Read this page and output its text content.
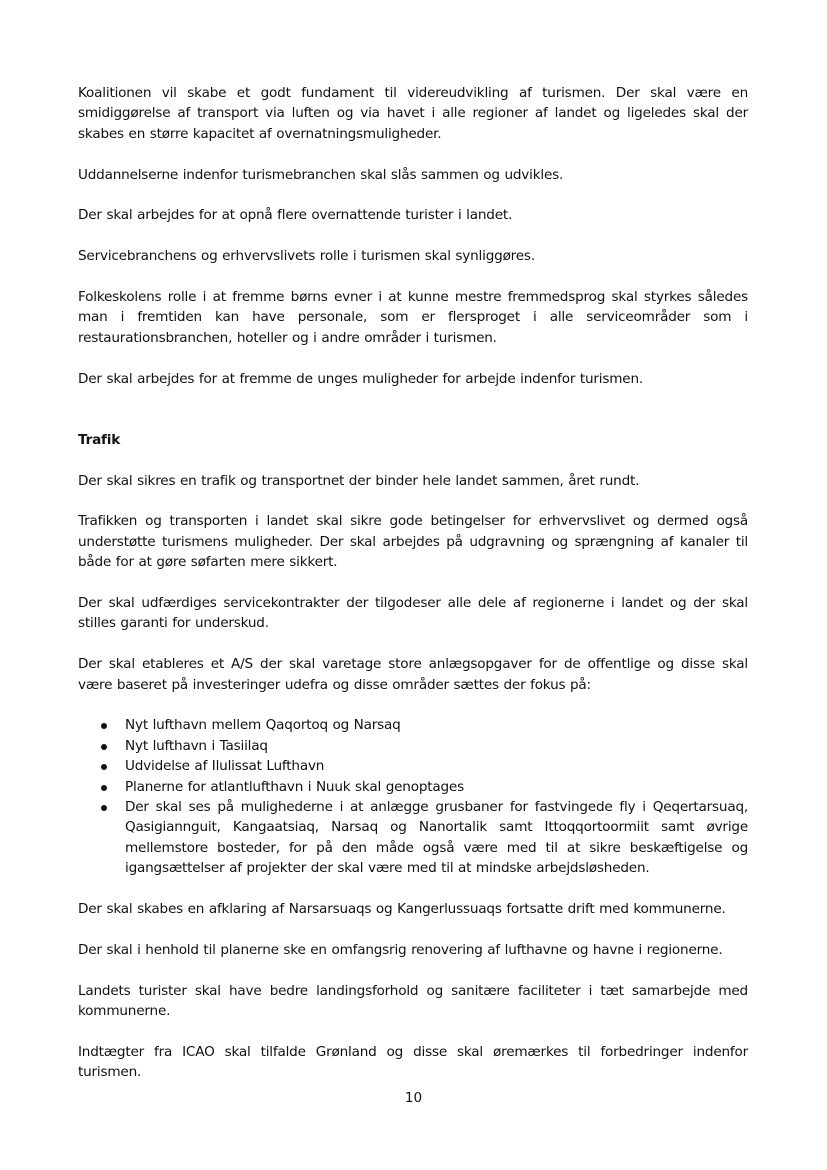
Koalitionen vil skabe et godt fundament til videreudvikling af turismen. Der skal være en smidiggørelse af transport via luften og via havet i alle regioner af landet og ligeledes skal der skabes en større kapacitet af overnatningsmuligheder.

Uddannelserne indenfor turismebranchen skal slås sammen og udvikles.

Der skal arbejdes for at opnå flere overnattende turister i landet.

Servicebranchens og erhvervslivets rolle i turismen skal synliggøres.

Folkeskolens rolle i at fremme børns evner i at kunne mestre fremmedsprog skal styrkes således man i fremtiden kan have personale, som er flersproget i alle serviceområder som i restaurationsbranchen, hoteller og i andre områder i turismen.

Der skal arbejdes for at fremme de unges muligheder for arbejde indenfor turismen.

Trafik

Der skal sikres en trafik og transportnet der binder hele landet sammen, året rundt.

Trafikken og transporten i landet skal sikre gode betingelser for erhvervslivet og dermed også understøtte turismens muligheder. Der skal arbejdes på udgravning og sprængning af kanaler til både for at gøre søfarten mere sikkert.

Der skal udfærdiges servicekontrakter der tilgodeser alle dele af regionerne i landet og der skal stilles garanti for underskud.

Der skal etableres et A/S der skal varetage store anlægsopgaver for de offentlige og disse skal være baseret på investeringer udefra og disse områder sættes der fokus på:

Nyt lufthavn mellem Qaqortoq og Narsaq
Nyt lufthavn i Tasiilaq
Udvidelse af Ilulissat Lufthavn
Planerne for atlantlufthavn i Nuuk skal genoptages
Der skal ses på mulighederne i at anlægge grusbaner for fastvingede fly i Qeqertarsuaq, Qasigiannguit, Kangaatsiaq, Narsaq og Nanortalik samt Ittoqqortoormiit samt øvrige mellemstore bosteder, for på den måde også være med til at sikre beskæftigelse og igangsættelser af projekter der skal være med til at mindske arbejdsløsheden.

Der skal skabes en afklaring af Narsarsuaqs og Kangerlussuaqs fortsatte drift med kommunerne.

Der skal i henhold til planerne ske en omfangsrig renovering af lufthavne og havne i regionerne.

Landets turister skal have bedre landingsforhold og sanitære faciliteter i tæt samarbejde med kommunerne.

Indtægter fra ICAO skal tilfalde Grønland og disse skal øremærkes til forbedringer indenfor turismen.

10
